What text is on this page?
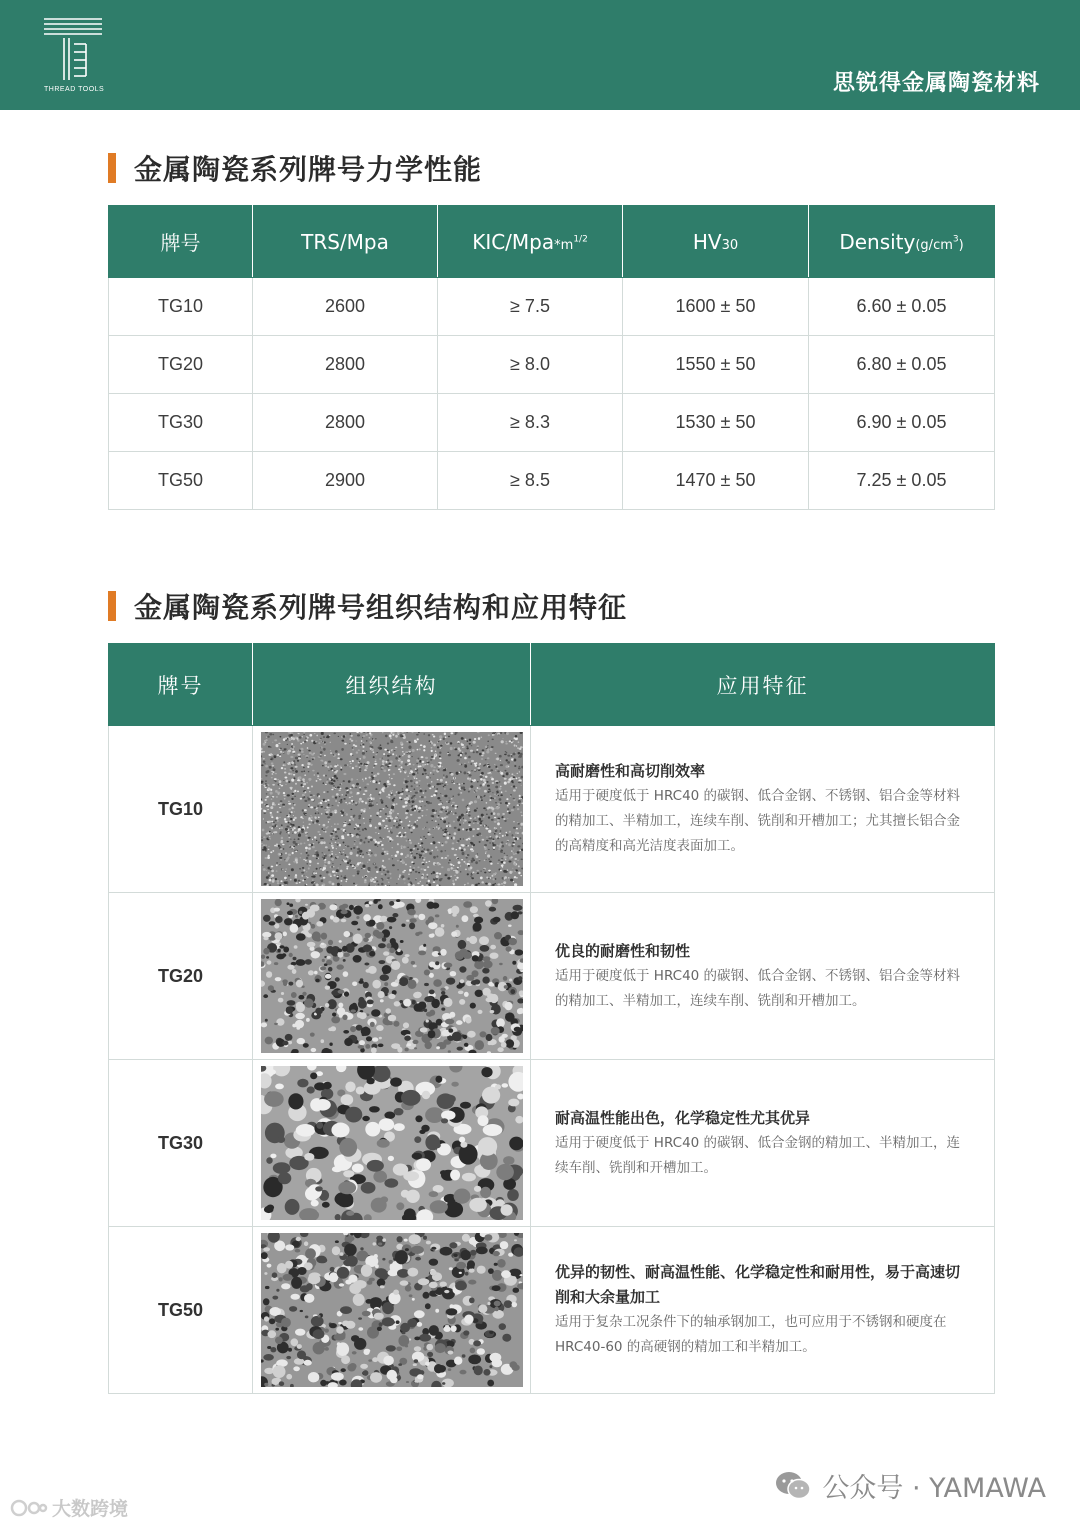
THREAD TOOLS	思锐得金属陶瓷材料
金属陶瓷系列牌号力学性能
牌号	TRS/Mpa	KIC/$Mpa*m^{1/2}$	HV30	$Density(g/cm^3)$
TG10	2600	≥ 7.5	1600 ± 50	6.60 ± 0.05
TG20	2800	≥ 8.0	1550 ± 50	6.80 ± 0.05
TG30	2800	≥ 8.3	1530 ± 50	6.90 ± 0.05
TG50	2900	≥ 8.5	1470 ± 50	7.25 ± 0.05
金属陶瓷系列牌号组织结构和应用特征
牌号	组织结构	应用特征
TG10		高耐磨性和高切削效率
适用于硬度低于 HRC40 的碳钢、低合金钢、不锈钢、铝合金等材料的精加工、半精加工，连续车削、铣削和开槽加工；尤其擅长铝合金的高精度和高光洁度表面加工。

TG20		优良的耐磨性和韧性
适用于硬度低于 HRC40 的碳钢、低合金钢、不锈钢、铝合金等材料的精加工、半精加工，连续车削、铣削和开槽加工。

TG30		耐高温性能出色，化学稳定性尤其优异
适用于硬度低于 HRC40 的碳钢、低合金钢的精加工、半精加工，连续车削、铣削和开槽加工。

TG50		优异的韧性、耐高温性能、化学稳定性和耐用性，易于高速切削和大余量加工
适用于复杂工况条件下的轴承钢加工，也可应用于不锈钢和硬度在 HRC40-60 的高硬钢的精加工和半精加工。
公众号 · YAMAWA
大数跨境
